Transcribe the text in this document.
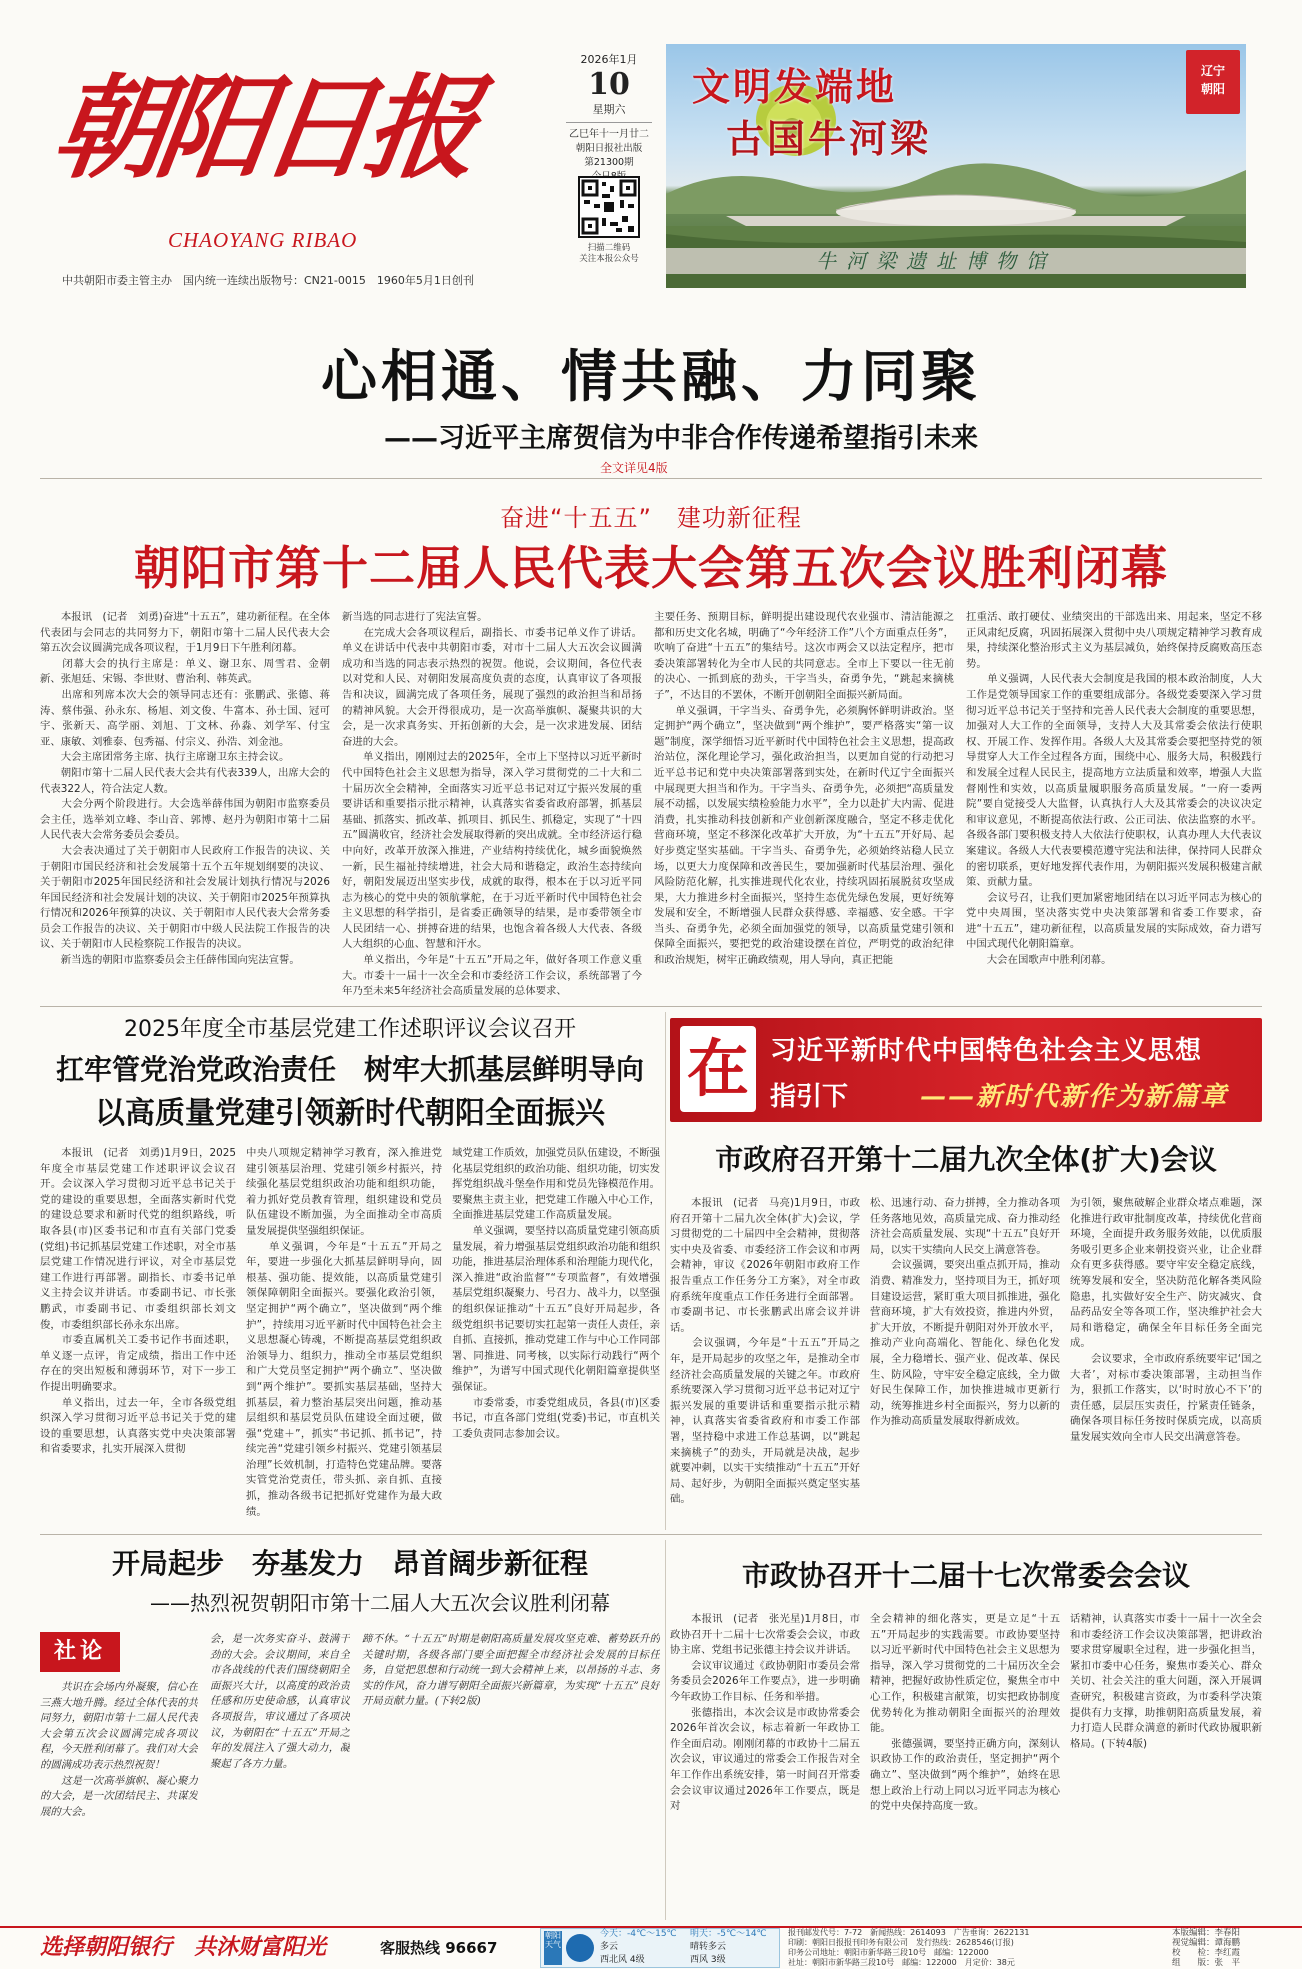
朝阳日报
CHAOYANG RIBAO
中共朝阳市委主管主办　国内统一连续出版物号：CN21-0015　1960年5月1日创刊
2026年1月
10
星期六
乙巳年十一月廿二
朝阳日报社出版
第21300期
扫描二维码
关注本报公众号
文明发端地
古国牛河梁
辽宁
朝阳
牛河梁遗址博物馆
心相通、情共融、力同聚
——习近平主席贺信为中非合作传递希望指引未来
全文详见4版
奋进“十五五”　建功新征程
朝阳市第十二届人民代表大会第五次会议胜利闭幕
　　本报讯　(记者　刘勇)奋进“十五五”，建功新征程。在全体代表团与会同志的共同努力下，朝阳市第十二届人民代表大会第五次会议圆满完成各项议程，于1月9日下午胜利闭幕。
　　闭幕大会的执行主席是：单义、谢卫东、周雪君、金朝新、张旭廷、宋锡、李世财、曹治利、韩英武。
　　出席和列席本次大会的领导同志还有：张鹏武、张德、蒋涛、蔡伟强、孙永东、杨旭、刘文俊、牛富本、孙士国、冠可宇、张新天、高学丽、刘旭、丁文林、孙淼、刘学军、付宝亚、康敏、刘雅泰、包秀福、付宗义、孙浩、刘金池。
　　大会主席团常务主席、执行主席谢卫东主持会议。
　　朝阳市第十二届人民代表大会共有代表339人，出席大会的代表322人，符合法定人数。
　　大会分两个阶段进行。大会选举薛伟国为朝阳市监察委员会主任，选举刘立峰、李山音、郭博、赵丹为朝阳市第十二届人民代表大会常务委员会委员。
　　大会表决通过了关于朝阳市人民政府工作报告的决议、关于朝阳市国民经济和社会发展第十五个五年规划纲要的决议、关于朝阳市2025年国民经济和社会发展计划执行情况与2026年国民经济和社会发展计划的决议、关于朝阳市2025年预算执行情况和2026年预算的决议、关于朝阳市人民代表大会常务委员会工作报告的决议、关于朝阳市中级人民法院工作报告的决议、关于朝阳市人民检察院工作报告的决议。
　　新当选的朝阳市监察委员会主任薛伟国向宪法宣誓。
新当选的同志进行了宪法宣誓。
　　在完成大会各项议程后，副指长、市委书记单义作了讲话。单义在讲话中代表中共朝阳市委，对市十二届人大五次会议圆满成功和当选的同志表示热烈的祝贺。他说，会议期间，各位代表以对党和人民、对朝阳发展高度负责的态度，认真审议了各项报告和决议，圆满完成了各项任务，展现了强烈的政治担当和昂扬的精神风貌。大会开得很成功，是一次高举旗帜、凝聚共识的大会，是一次求真务实、开拓创新的大会，是一次求进发展、团结奋进的大会。
　　单义指出，刚刚过去的2025年，全市上下坚持以习近平新时代中国特色社会主义思想为指导，深入学习贯彻党的二十大和二十届历次全会精神，全面落实习近平总书记对辽宁振兴发展的重要讲话和重要指示批示精神，认真落实省委省政府部署，抓基层基础、抓落实、抓改革、抓项目、抓民生、抓稳定，实现了“十四五”圆满收官，经济社会发展取得新的突出成就。全市经济运行稳中向好，改革开放深入推进，产业结构持续优化，城乡面貌焕然一新，民生福祉持续增进，社会大局和谐稳定，政治生态持续向好，朝阳发展迈出坚实步伐，成就的取得，根本在于以习近平同志为核心的党中央的领航掌舵，在于习近平新时代中国特色社会主义思想的科学指引，是省委正确领导的结果，是市委带领全市人民团结一心、拼搏奋进的结果，也饱含着各级人大代表、各级人大组织的心血、智慧和汗水。
　　单义指出，今年是“十五五”开局之年，做好各项工作意义重大。市委十一届十一次全会和市委经济工作会议，系统部署了今年乃至未来5年经济社会高质量发展的总体要求、
主要任务、预期目标，鲜明提出建设现代农业强市、清洁能源之都和历史文化名城，明确了“今年经济工作”八个方面重点任务”，吹响了奋进“十五五”的集结号。这次市两会又以法定程序，把市委决策部署转化为全市人民的共同意志。全市上下要以一往无前的决心、一抓到底的劲头，干字当头，奋勇争先，“跳起来摘桃子”，不达目的不罢休，不断开创朝阳全面振兴新局面。
　　单义强调，干字当头、奋勇争先，必须胸怀鲜明讲政治。坚定拥护“两个确立”，坚决做到“两个维护”，要严格落实“第一议题”制度，深学细悟习近平新时代中国特色社会主义思想，提高政治站位，深化理论学习，强化政治担当，以更加自觉的行动把习近平总书记和党中央决策部署落到实处，在新时代辽宁全面振兴中展现更大担当和作为。干字当头、奋勇争先，必须把“高质量发展不动摇，以发展实绩检验能力水平”，全力以赴扩大内需、促进消费，扎实推动科技创新和产业创新深度融合，坚定不移走优化营商环境，坚定不移深化改革扩大开放，为“十五五”开好局、起好步奠定坚实基础。干字当头、奋勇争先，必须始终站稳人民立场，以更大力度保障和改善民生，要加强新时代基层治理、强化风险防范化解，扎实推进现代化农业，持续巩固拓展脱贫攻坚成果，大力推进乡村全面振兴，坚持生态优先绿色发展，更好统筹发展和安全，不断增强人民群众获得感、幸福感、安全感。干字当头、奋勇争先，必须全面加强党的领导，以高质量党建引领和保障全面振兴，要把党的政治建设摆在首位，严明党的政治纪律和政治规矩，树牢正确政绩观，用人导向，真正把能
扛重活、敢打硬仗、业绩突出的干部选出来、用起来，坚定不移正风肃纪反腐，巩固拓展深入贯彻中央八项规定精神学习教育成果，持续深化整治形式主义为基层减负，始终保持反腐败高压态势。
　　单义强调，人民代表大会制度是我国的根本政治制度，人大工作是党领导国家工作的重要组成部分。各级党委要深入学习贯彻习近平总书记关于坚持和完善人民代表大会制度的重要思想，加强对人大工作的全面领导，支持人大及其常委会依法行使职权、开展工作、发挥作用。各级人大及其常委会要把坚持党的领导贯穿人大工作全过程各方面，围绕中心、服务大局，积极践行和发展全过程人民民主，提高地方立法质量和效率，增强人大监督刚性和实效，以高质量履职服务高质量发展。“一府一委两院”要自觉接受人大监督，认真执行人大及其常委会的决议决定和审议意见，不断提高依法行政、公正司法、依法监察的水平。各级各部门要积极支持人大依法行使职权，认真办理人大代表议案建议。各级人大代表要模范遵守宪法和法律，保持同人民群众的密切联系，更好地发挥代表作用，为朝阳振兴发展积极建言献策、贡献力量。
　　会议号召，让我们更加紧密地团结在以习近平同志为核心的党中央周围，坚决落实党中央决策部署和省委工作要求，奋进“十五五”，建功新征程，以高质量发展的实际成效，奋力谱写中国式现代化朝阳篇章。
　　大会在国歌声中胜利闭幕。
2025年度全市基层党建工作述职评议会议召开
扛牢管党治党政治责任　树牢大抓基层鲜明导向
以高质量党建引领新时代朝阳全面振兴
　　本报讯　(记者　刘勇)1月9日，2025年度全市基层党建工作述职评议会议召开。会议深入学习贯彻习近平总书记关于党的建设的重要思想，全面落实新时代党的建设总要求和新时代党的组织路线，听取各县(市)区委书记和市直有关部门党委(党组)书记抓基层党建工作述职，对全市基层党建工作情况进行评议，对全市基层党建工作进行再部署。副指长、市委书记单义主持会议并讲话。市委副书记、市长张鹏武，市委副书记、市委组织部长刘文俊，市委组织部长孙永东出席。
　　市委直属机关工委书记作书面述职，单义逐一点评，肯定成绩，指出工作中还存在的突出短板和薄弱环节，对下一步工作提出明确要求。
　　单义指出，过去一年，全市各级党组织深入学习贯彻习近平总书记关于党的建设的重要思想，认真落实党中央决策部署和省委要求，扎实开展深入贯彻
中央八项规定精神学习教育，深入推进党建引领基层治理、党建引领乡村振兴，持续强化基层党组织政治功能和组织功能，着力抓好党员教育管理，组织建设和党员队伍建设不断加强，为全面推动全市高质量发展提供坚强组织保证。
　　单义强调，今年是“十五五”开局之年，要进一步强化大抓基层鲜明导向，固根基、强功能、提效能，以高质量党建引领保障朝阳全面振兴。要强化政治引领，坚定拥护“两个确立”，坚决做到“两个维护”，持续用习近平新时代中国特色社会主义思想凝心铸魂，不断提高基层党组织政治领导力、组织力，推动全市基层党组织和广大党员坚定拥护“两个确立”、坚决做到“两个维护”。要抓实基层基础，坚持大抓基层，着力整治基层突出问题，推动基层组织和基层党员队伍建设全面过硬，做强“党建＋”，抓实“书记抓、抓书记”，持续完善“党建引领乡村振兴、党建引领基层治理”长效机制，打造特色党建品牌。要落实管党治党责任，带头抓、亲自抓、直接抓，推动各级书记把抓好党建作为最大政绩。
域党建工作质效，加强党员队伍建设，不断强化基层党组织的政治功能、组织功能，切实发挥党组织战斗堡垒作用和党员先锋模范作用。要聚焦主责主业，把党建工作融入中心工作，全面推进基层党建工作高质量发展。
　　单义强调，要坚持以高质量党建引领高质量发展，着力增强基层党组织政治功能和组织功能，推进基层治理体系和治理能力现代化，深入推进“政治监督”“专项监督”，有效增强基层党组织凝聚力、号召力、战斗力，以坚强的组织保证推动“十五五”良好开局起步，各级党组织书记要切实扛起第一责任人责任，亲自抓、直接抓，推动党建工作与中心工作同部署、同推进、同考核，以实际行动践行“两个维护”，为谱写中国式现代化朝阳篇章提供坚强保证。
　　市委常委，市委党组成员，各县(市)区委书记，市直各部门党组(党委)书记，市直机关工委负责同志参加会议。
在 习近平新时代中国特色社会主义思想
指引下	——新时代新作为新篇章
市政府召开第十二届九次全体(扩大)会议
　　本报讯　(记者　马亮)1月9日，市政府召开第十二届九次全体(扩大)会议，学习贯彻党的二十届四中全会精神，贯彻落实中央及省委、市委经济工作会议和市两会精神，审议《2026年朝阳市政府工作报告重点工作任务分工方案》，对全市政府系统年度重点工作任务进行全面部署。市委副书记、市长张鹏武出席会议并讲话。
　　会议强调，今年是“十五五”开局之年，是开局起步的攻坚之年，是推动全市经济社会高质量发展的关键之年。市政府系统要深入学习贯彻习近平总书记对辽宁振兴发展的重要讲话和重要指示批示精神，认真落实省委省政府和市委工作部署，坚持稳中求进工作总基调，以“跳起来摘桃子”的劲头，开局就是决战，起步就要冲刺，以实干实绩推动“十五五”开好局、起好步，为朝阳全面振兴奠定坚实基础。
松、迅速行动、奋力拼搏，全力推动各项任务落地见效，高质量完成、奋力推动经济社会高质量发展、实现“十五五”良好开局，以实干实绩向人民交上满意答卷。
　　会议强调，要突出重点抓开局，推动消费、精准发力，坚持项目为王，抓好项目建设运营，紧盯重大项目抓推进，强化营商环境，扩大有效投资，推进内外贸，扩大开放，不断提升朝阳对外开放水平，推动产业向高端化、智能化、绿色化发展，全力稳增长、强产业、促改革、保民生、防风险，守牢安全稳定底线，全力做好民生保障工作，加快推进城市更新行动，统筹推进乡村全面振兴，努力以新的作为推动高质量发展取得新成效。
为引领，聚焦破解企业群众堵点难题，深化推进行政审批制度改革，持续优化营商环境，全面提升政务服务效能，以优质服务吸引更多企业来朝投资兴业，让企业群众有更多获得感。要守牢安全稳定底线，统筹发展和安全，坚决防范化解各类风险隐患，扎实做好安全生产、防灾减灾、食品药品安全等各项工作，坚决维护社会大局和谐稳定，确保全年目标任务全面完成。
　　会议要求，全市政府系统要牢记‘国之大者’，对标市委决策部署，主动担当作为，狠抓工作落实，以‘时时放心不下’的责任感，层层压实责任，拧紧责任链条，确保各项目标任务按时保质完成，以高质量发展实效向全市人民交出满意答卷。
开局起步　夯基发力　昂首阔步新征程
——热烈祝贺朝阳市第十二届人大五次会议胜利闭幕
社论
　　共识在会场内外凝聚，信心在三燕大地升腾。经过全体代表的共同努力，朝阳市第十二届人民代表大会第五次会议圆满完成各项议程，今天胜利闭幕了。我们对大会的圆满成功表示热烈祝贺！
　　这是一次高举旗帜、凝心聚力的大会，是一次团结民主、共谋发展的大会。
会，是一次务实奋斗、鼓满干劲的大会。会议期间，来自全市各战线的代表们围绕朝阳全面振兴大计，以高度的政治责任感和历史使命感，认真审议各项报告，审议通过了各项决议，为朝阳在“十五五”开局之年的发展注入了强大动力，凝聚起了各方力量。
蹄不休。“十五五”时期是朝阳高质量发展攻坚克难、蓄势跃升的关键时期，各级各部门要全面把握全市经济社会发展的目标任务，自觉把思想和行动统一到大会精神上来，以昂扬的斗志、务实的作风，奋力谱写朝阳全面振兴新篇章，为实现“十五五”良好开局贡献力量。(下转2版)
市政协召开十二届十七次常委会会议
　　本报讯　(记者　张光星)1月8日，市政协召开十二届十七次常委会会议，市政协主席、党组书记张德主持会议并讲话。
　　会议审议通过《政协朝阳市委员会常务委员会2026年工作要点》，进一步明确今年政协工作目标、任务和举措。
　　张德指出，本次会议是市政协常委会2026年首次会议，标志着新一年政协工作全面启动。刚刚闭幕的市政协十二届五次会议，审议通过的常委会工作报告对全年工作作出系统安排，第一时间召开常委会会议审议通过2026年工作要点，既是对
全会精神的细化落实，更是立足“十五五”开局起步的实践需要。市政协要坚持以习近平新时代中国特色社会主义思想为指导，深入学习贯彻党的二十届历次全会精神，把握好政协性质定位，聚焦全市中心工作，积极建言献策，切实把政协制度优势转化为推动朝阳全面振兴的治理效能。
　　张德强调，要坚持正确方向，深刻认识政协工作的政治责任，坚定拥护“两个确立”、坚决做到“两个维护”，始终在思想上政治上行动上同以习近平同志为核心的党中央保持高度一致。
话精神，认真落实市委十一届十一次全会和市委经济工作会议决策部署，把讲政治要求贯穿履职全过程，进一步强化担当，紧扣市委中心任务，聚焦市委关心、群众关切、社会关注的重大问题，深入开展调查研究，积极建言资政，为市委科学决策提供有力支撑，助推朝阳高质量发展，着力打造人民群众满意的新时代政协履职新格局。(下转4版)
选择朝阳银行　共沐财富阳光	客服热线 96667
朝阳天气
今天：-4℃～15℃
多云
西北风 4级
明天：-5℃～14℃
晴转多云
西风 3级
报刊邮发代号：7-72　新闻热线：2614093　广告垂询：2622131
印刷：朝阳日报报刊印务有限公司　发行热线：2628546(订报)
印务公司地址：朝阳市新华路三段10号　邮编：122000
社址：朝阳市新华路三段10号　邮编：122000　月定价：38元
本版编辑：李春阳
视觉编辑：谭海鹏
校　　检：李红霞
组　　版：张　平
